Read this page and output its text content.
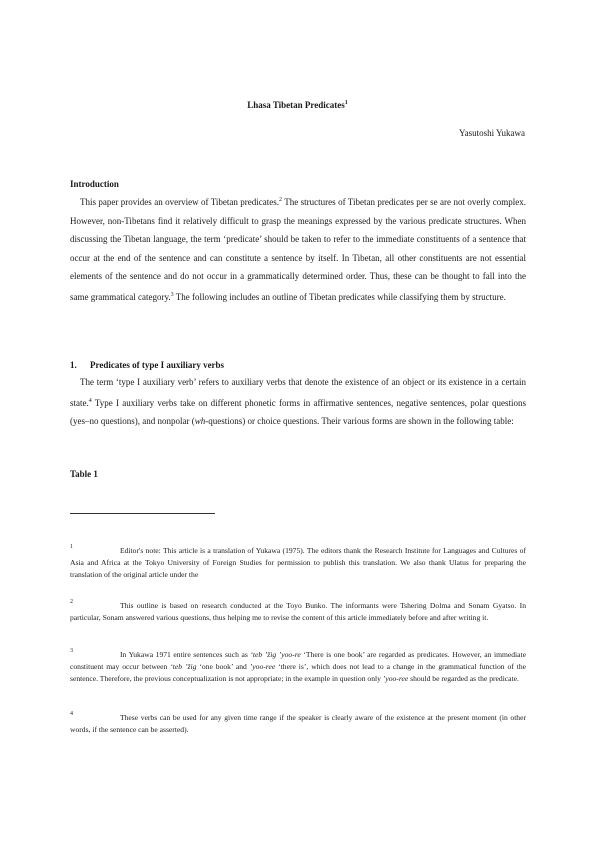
Lhasa Tibetan Predicates$^1$
Yasutoshi Yukawa
Introduction

This paper provides an overview of Tibetan predicates.$^2$ The structures of Tibetan predicates per se are not overly complex. However, non-Tibetans find it relatively difficult to grasp the meanings expressed by the various predicate structures. When discussing the Tibetan language, the term ‘predicate’ should be taken to refer to the immediate constituents of a sentence that occur at the end of the sentence and can constitute a sentence by itself. In Tibetan, all other constituents are not essential elements of the sentence and do not occur in a grammatically determined order. Thus, these can be thought to fall into the same grammatical category.$^3$ The following includes an outline of Tibetan predicates while classifying them by structure.

1. Predicates of type I auxiliary verbs

The term ‘type I auxiliary verb’ refers to auxiliary verbs that denote the existence of an object or its existence in a certain state.$^4$ Type I auxiliary verbs take on different phonetic forms in affirmative sentences, negative sentences, polar questions (yes–no questions), and nonpolar (wh-questions) or choice questions. Their various forms are shown in the following table:

Table 1
1	Editor's note: This article is a translation of Yukawa (1975). The editors thank the Research Institute for Languages and Cultures of Asia and Africa at the Tokyo University of Foreign Studies for permission to publish this translation. We also thank Ulatus for preparing the translation of the original article under the

2	This outline is based on research conducted at the Toyo Bunko. The informants were Tshering Dolma and Sonam Gyatso. In particular, Sonam answered various questions, thus helping me to revise the content of this article immediately before and after writing it.

3	In Yukawa 1971 entire sentences such as ‘teb ʼžig ʼyoo-re ‘There is one book’ are regarded as predicates. However, an immediate constituent may occur between ‘teb ʼžig ‘one book’ and ʼyoo-ree ‘there is’, which does not lead to a change in the grammatical function of the sentence. Therefore, the previous conceptualization is not appropriate; in the example in question only ʼyoo-ree should be regarded as the predicate.

4	These verbs can be used for any given time range if the speaker is clearly aware of the existence at the present moment (in other words, if the sentence can be asserted).
